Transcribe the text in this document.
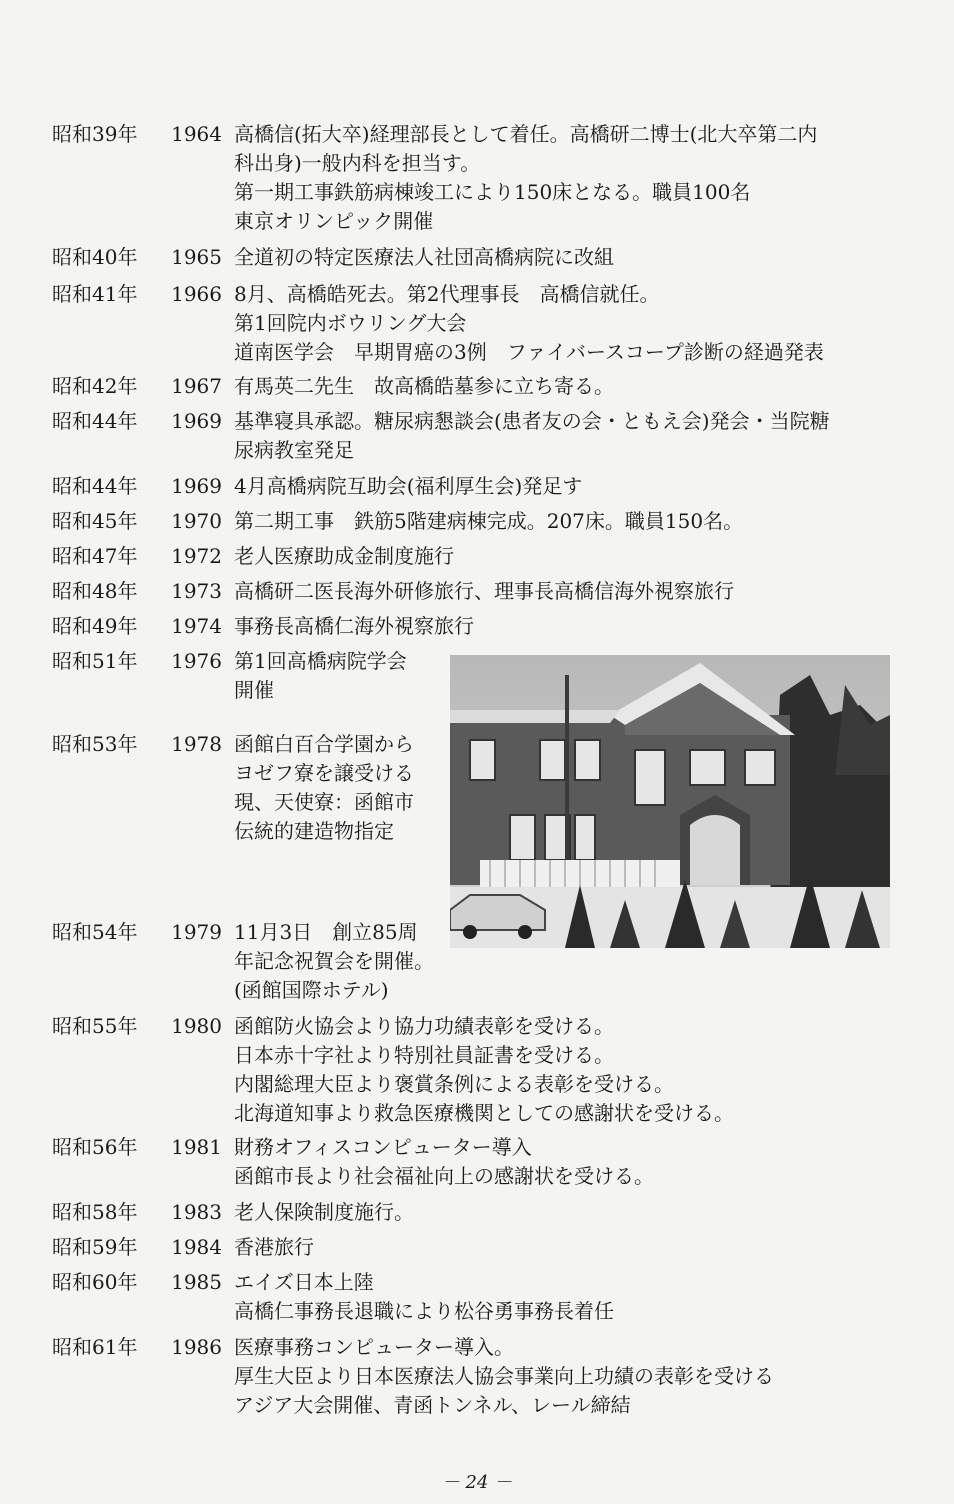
昭和39年	1964 高橋信(拓大卒)経理部長として着任。高橋研二博士(北大卒第二内
科出身)一般内科を担当す。
第一期工事鉄筋病棟竣工により150床となる。職員100名
東京オリンピック開催
昭和40年	1965 全道初の特定医療法人社団高橋病院に改組
昭和41年	1966 8月、高橋皓死去。第2代理事長　高橋信就任。
第1回院内ボウリング大会
道南医学会　早期胃癌の3例　ファイバースコープ診断の経過発表
昭和42年	1967 有馬英二先生　故高橋皓墓参に立ち寄る。
昭和44年	1969 基準寝具承認。糖尿病懇談会(患者友の会・ともえ会)発会・当院糖
尿病教室発足
昭和44年	1969 4月高橋病院互助会(福利厚生会)発足す
昭和45年	1970 第二期工事　鉄筋5階建病棟完成。207床。職員150名。
昭和47年	1972 老人医療助成金制度施行
昭和48年	1973 高橋研二医長海外研修旅行、理事長高橋信海外視察旅行
昭和49年	1974 事務長高橋仁海外視察旅行
昭和51年	1976 第1回高橋病院学会
開催
昭和53年	1978 函館白百合学園から
ヨゼフ寮を譲受ける
現、天使寮：函館市
伝統的建造物指定
昭和54年	1979 11月3日　創立85周
年記念祝賀会を開催。
(函館国際ホテル)
昭和55年	1980 函館防火協会より協力功績表彰を受ける。
日本赤十字社より特別社員証書を受ける。
内閣総理大臣より褒賞条例による表彰を受ける。
北海道知事より救急医療機関としての感謝状を受ける。
昭和56年	1981 財務オフィスコンピューター導入
函館市長より社会福祉向上の感謝状を受ける。
昭和58年	1983 老人保険制度施行。
昭和59年	1984 香港旅行
昭和60年	1985 エイズ日本上陸
高橋仁事務長退職により松谷勇事務長着任
昭和61年	1986 医療事務コンピューター導入。
厚生大臣より日本医療法人協会事業向上功績の表彰を受ける
アジア大会開催、青函トンネル、レール締結
－ 24 －
